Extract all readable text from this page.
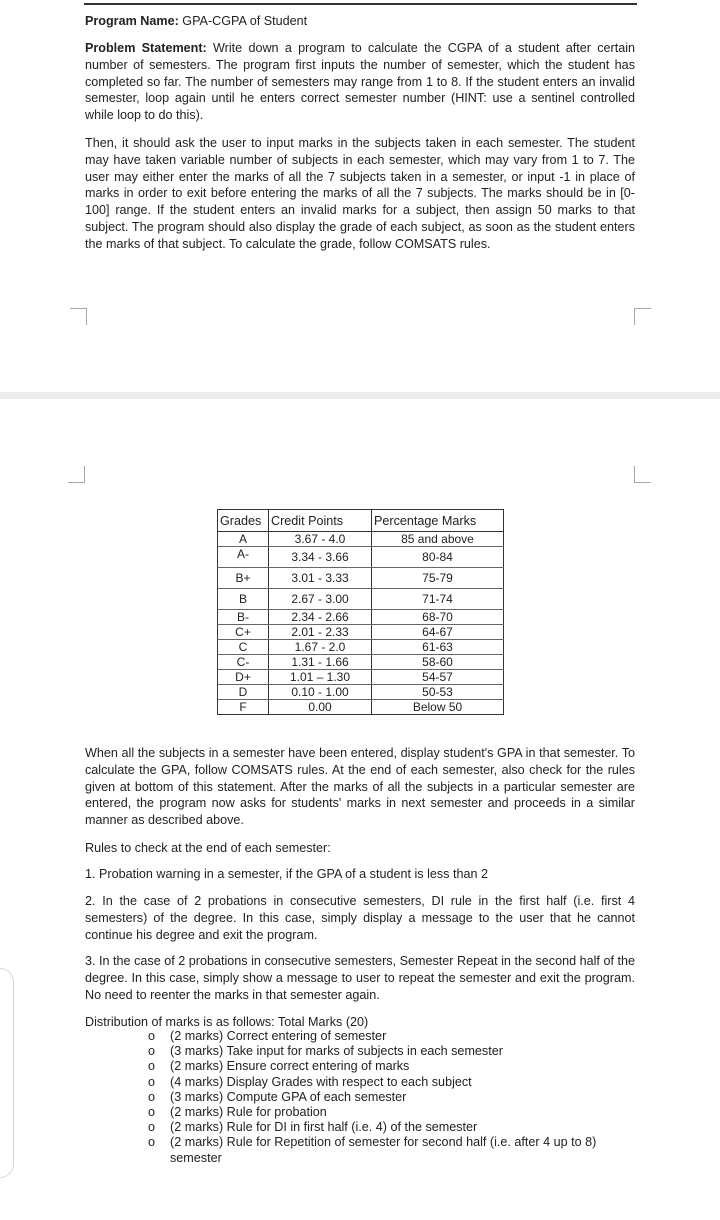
Program Name: GPA-CGPA of Student

Problem Statement: Write down a program to calculate the CGPA of a student after certain number of semesters. The program first inputs the number of semester, which the student has completed so far. The number of semesters may range from 1 to 8. If the student enters an invalid semester, loop again until he enters correct semester number (HINT: use a sentinel controlled while loop to do this).

Then, it should ask the user to input marks in the subjects taken in each semester. The student may have taken variable number of subjects in each semester, which may vary from 1 to 7. The user may either enter the marks of all the 7 subjects taken in a semester, or input -1 in place of marks in order to exit before entering the marks of all the 7 subjects. The marks should be in [0-100] range. If the student enters an invalid marks for a subject, then assign 50 marks to that subject. The program should also display the grade of each subject, as soon as the student enters the marks of that subject. To calculate the grade, follow COMSATS rules.

Grades	Credit Points	Percentage Marks
A	3.67 - 4.0	85 and above
A-	3.34 - 3.66	80-84
B+	3.01 - 3.33	75-79
B	2.67 - 3.00	71-74
B-	2.34 - 2.66	68-70
C+	2.01 - 2.33	64-67
C	1.67 - 2.0	61-63
C-	1.31 - 1.66	58-60
D+	1.01 – 1.30	54-57
D	0.10 - 1.00	50-53
F	0.00	Below 50

When all the subjects in a semester have been entered, display student's GPA in that semester. To calculate the GPA, follow COMSATS rules. At the end of each semester, also check for the rules given at bottom of this statement. After the marks of all the subjects in a particular semester are entered, the program now asks for students' marks in next semester and proceeds in a similar manner as described above.

Rules to check at the end of each semester:

1. Probation warning in a semester, if the GPA of a student is less than 2

2. In the case of 2 probations in consecutive semesters, DI rule in the first half (i.e. first 4 semesters) of the degree. In this case, simply display a message to the user that he cannot continue his degree and exit the program.

3. In the case of 2 probations in consecutive semesters, Semester Repeat in the second half of the degree. In this case, simply show a message to user to repeat the semester and exit the program. No need to reenter the marks in that semester again.

Distribution of marks is as follows: Total Marks (20)

o (2 marks) Correct entering of semester
o (3 marks) Take input for marks of subjects in each semester
o (2 marks) Ensure correct entering of marks
o (4 marks) Display Grades with respect to each subject
o (3 marks) Compute GPA of each semester
o (2 marks) Rule for probation
o (2 marks) Rule for DI in first half (i.e. 4) of the semester
o (2 marks) Rule for Repetition of semester for second half (i.e. after 4 up to 8) semester
